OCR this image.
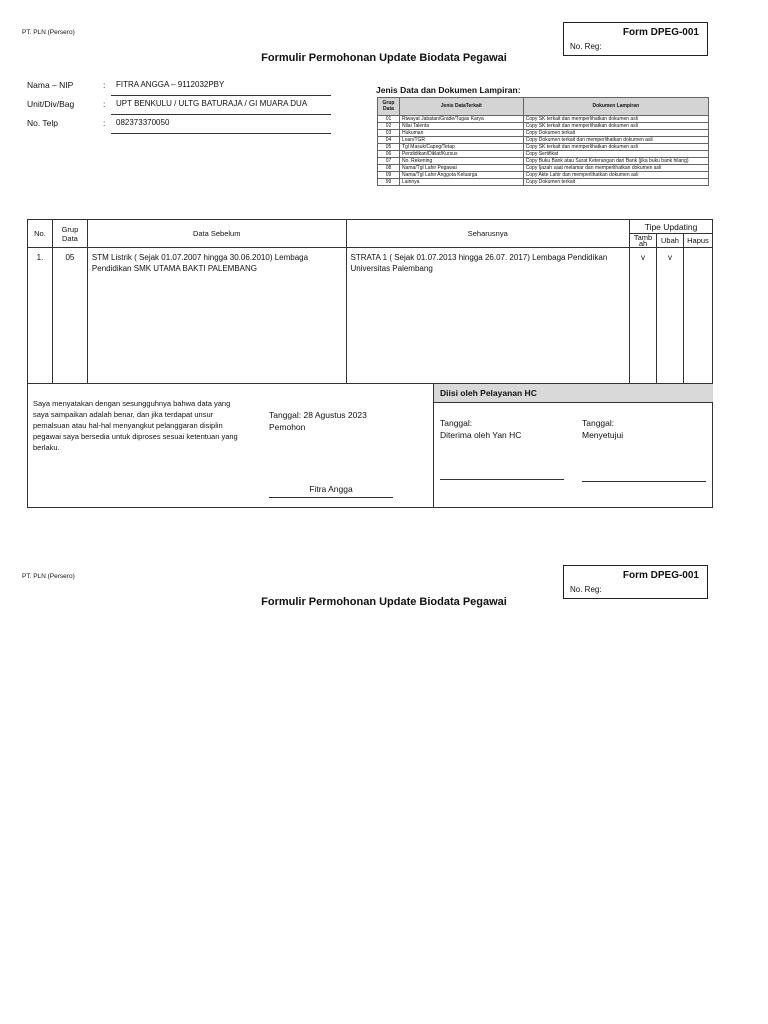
PT. PLN (Persero)	Form DPEG-001
No. Reg:
Formulir Permohonan Update Biodata Pegawai
Nama – NIP	: FITRA ANGGA – 9112032PBY
Unit/Div/Bag	: UPT BENKULU / ULTG BATURAJA / GI MUARA DUA
No. Telp	: 082373370050
Jenis Data dan Dokumen Lampiran:
Grup Data	Jenis DataTerkait	Dokumen Lampiran
01	Riwayat Jabatan/Grade/Tugas Karya	Copy SK terkait dan memperlihatkan dokumen asli
02	Nilai Talenta	Copy SK terkait dan memperlihatkan dokumen asli
03	Hukuman	Copy Dokumen terkait
04	Loan/TGR	Copy Dokumen terkait dan memperlihatkan dokumen asli
05	Tgl Masuk/Capeg/Tetap	Copy SK terkait dan memperlihatkan dokumen asli
06	Pendidikan/Diklat/Kursus	Copy Sertifikat
07	No. Rekening	Copy Buku Bank atau Surat Keterangan dari Bank (jika buku bank hilang)
08	Nama/Tgl Lahir Pegawai	Copy Ijazah saat melamar dan memperlihatkan dokumen asli
09	Nama/Tgl Lahir Anggota Keluarga	Copy Akte Lahir dan memperlihatkan dokumen asli
99	Lainnya	Copy Dokumen terkait
No.	Grup Data	Data Sebelum	Seharusnya	Tipe Updating		
				Tamb ah	Ubah	Hapus
1.	05	STM Listrik ( Sejak 01.07.2007 hingga 30.06.2010) Lembaga Pendidikan SMK UTAMA BAKTI PALEMBANG	STRATA 1 ( Sejak 01.07.2013 hingga 26.07. 2017) Lembaga Pendidikan Universitas Palembang	v	v	
Saya menyatakan dengan sesungguhnya bahwa data yang saya sampaikan adalah benar, dan jika terdapat unsur pemalsuan atau hal-hal menyangkut pelanggaran disiplin pegawai saya bersedia untuk diproses sesuai ketentuan yang berlaku.
Tanggal: 28 Agustus 2023
Pemohon
Fitra Angga
Diisi oleh Pelayanan HC
Tanggal:
Diterima oleh Yan HC
Tanggal:
Menyetujui
PT. PLN (Persero)	Form DPEG-001
No. Reg:
Formulir Permohonan Update Biodata Pegawai
